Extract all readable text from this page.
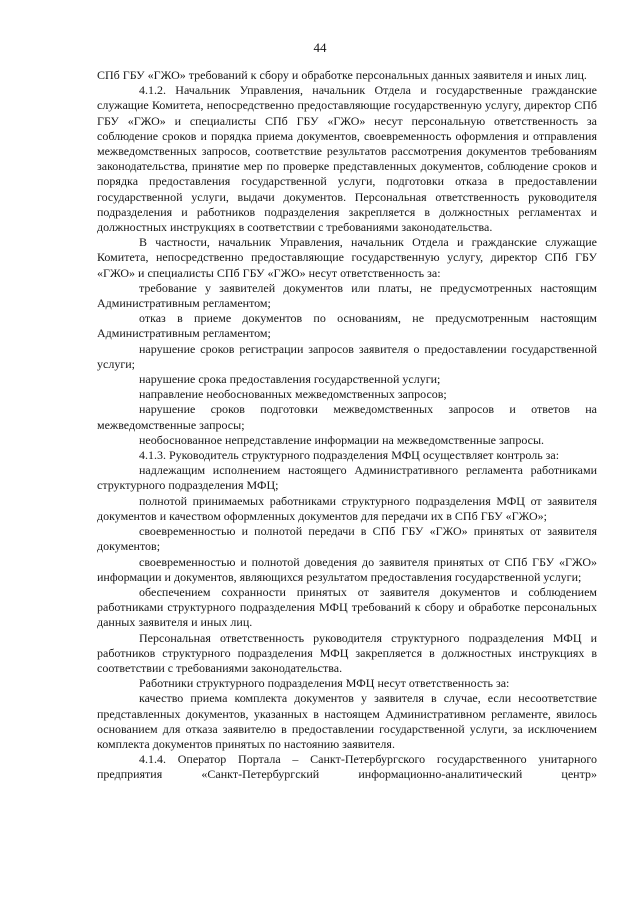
44

СПб ГБУ «ГЖО» требований к сбору и обработке персональных данных заявителя и иных лиц.

4.1.2. Начальник Управления, начальник Отдела и государственные гражданские служащие Комитета, непосредственно предоставляющие государственную услугу, директор СПб ГБУ «ГЖО» и специалисты СПб ГБУ «ГЖО» несут персональную ответственность за соблюдение сроков и порядка приема документов, своевременность оформления и отправления межведомственных запросов, соответствие результатов рассмотрения документов требованиям законодательства, принятие мер по проверке представленных документов, соблюдение сроков и порядка предоставления государственной услуги, подготовки отказа в предоставлении государственной услуги, выдачи документов. Персональная ответственность руководителя подразделения и работников подразделения закрепляется в должностных регламентах и должностных инструкциях в соответствии с требованиями законодательства.

В частности, начальник Управления, начальник Отдела и гражданские служащие Комитета, непосредственно предоставляющие государственную услугу, директор СПб ГБУ «ГЖО» и специалисты СПб ГБУ «ГЖО» несут ответственность за:

требование у заявителей документов или платы, не предусмотренных настоящим Административным регламентом;

отказ в приеме документов по основаниям, не предусмотренным настоящим Административным регламентом;

нарушение сроков регистрации запросов заявителя о предоставлении государственной услуги;

нарушение срока предоставления государственной услуги;

направление необоснованных межведомственных запросов;

нарушение сроков подготовки межведомственных запросов и ответов на межведомственные запросы;

необоснованное непредставление информации на межведомственные запросы.

4.1.3. Руководитель структурного подразделения МФЦ осуществляет контроль за:

надлежащим исполнением настоящего Административного регламента работниками структурного подразделения МФЦ;

полнотой принимаемых работниками структурного подразделения МФЦ от заявителя документов и качеством оформленных документов для передачи их в СПб ГБУ «ГЖО»;

своевременностью и полнотой передачи в СПб ГБУ «ГЖО» принятых от заявителя документов;

своевременностью и полнотой доведения до заявителя принятых от СПб ГБУ «ГЖО» информации и документов, являющихся результатом предоставления государственной услуги;

обеспечением сохранности принятых от заявителя документов и соблюдением работниками структурного подразделения МФЦ требований к сбору и обработке персональных данных заявителя и иных лиц.

Персональная ответственность руководителя структурного подразделения МФЦ и работников структурного подразделения МФЦ закрепляется в должностных инструкциях в соответствии с требованиями законодательства.

Работники структурного подразделения МФЦ несут ответственность за:

качество приема комплекта документов у заявителя в случае, если несоответствие представленных документов, указанных в настоящем Административном регламенте, явилось основанием для отказа заявителю в предоставлении государственной услуги, за исключением комплекта документов принятых по настоянию заявителя.

4.1.4. Оператор Портала – Санкт-Петербургского государственного унитарного предприятия «Санкт-Петербургский информационно-аналитический центр»
